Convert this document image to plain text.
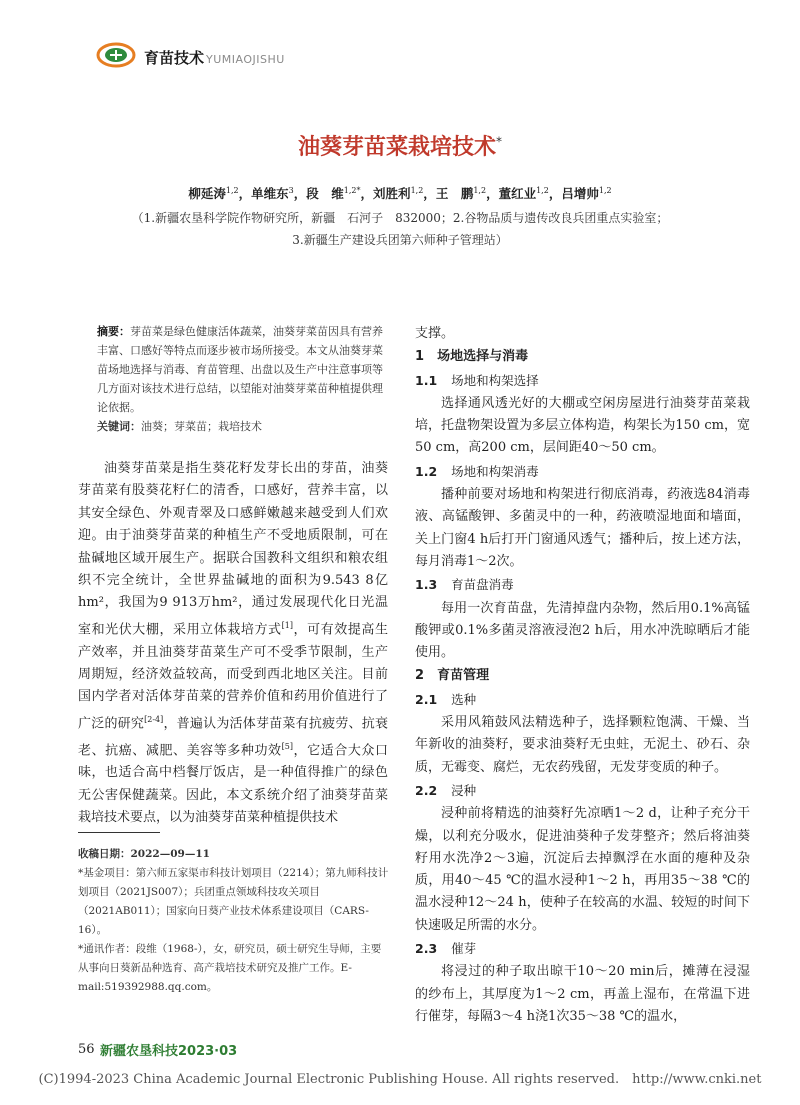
育苗技术 YUMIAOJISHU
油葵芽苗菜栽培技术*
柳延涛$^{1,2}$，单维东$^3$，段　维$^{1,2*}$，刘胜利$^{1,2}$，王　鹏$^{1,2}$，董红业$^{1,2}$，吕增帅$^{1,2}$
（1.新疆农垦科学院作物研究所，新疆　石河子　832000；2.谷物品质与遗传改良兵团重点实验室；
3.新疆生产建设兵团第六师种子管理站）
摘要：芽苗菜是绿色健康活体蔬菜，油葵芽菜苗因具有营养丰富、口感好等特点而逐步被市场所接受。本文从油葵芽菜苗场地选择与消毒、育苗管理、出盘以及生产中注意事项等几方面对该技术进行总结，以望能对油葵芽菜苗种植提供理论依据。
关键词：油葵；芽菜苗；栽培技术

油葵芽苗菜是指生葵花籽发芽长出的芽苗，油葵芽苗菜有股葵花籽仁的清香，口感好，营养丰富，以其安全绿色、外观青翠及口感鲜嫩越来越受到人们欢迎。由于油葵芽苗菜的种植生产不受地质限制，可在盐碱地区域开展生产。据联合国教科文组织和粮农组织不完全统计，全世界盐碱地的面积为9.543 8亿hm²，我国为9 913万hm²，通过发展现代化日光温室和光伏大棚，采用立体栽培方式[1]，可有效提高生产效率，并且油葵芽苗菜生产可不受季节限制，生产周期短，经济效益较高，而受到西北地区关注。目前国内学者对活体芽苗菜的营养价值和药用价值进行了广泛的研究[2-4]，普遍认为活体芽苗菜有抗疲劳、抗衰老、抗癌、减肥、美容等多种功效[5]，它适合大众口味，也适合高中档餐厅饭店，是一种值得推广的绿色无公害保健蔬菜。因此，本文系统介绍了油葵芽苗菜栽培技术要点，以为油葵芽苗菜种植提供技术

收稿日期：2022—09—11

*基金项目：第六师五家渠市科技计划项目（2214）；第九师科技计划项目（2021JS007）；兵团重点领域科技攻关项目（2021AB011）；国家向日葵产业技术体系建设项目（CARS-16）。

*通讯作者：段维（1968-），女，研究员，硕士研究生导师，主要从事向日葵新品种选育、高产栽培技术研究及推广工作。E-mail:519392988.qq.com。

支撑。

1　 场地选择与消毒
1.1 场地和构架选择

选择通风透光好的大棚或空闲房屋进行油葵芽苗菜栽培，托盘物架设置为多层立体构造，构架长为150 cm，宽50 cm，高200 cm，层间距40～50 cm。

1.2 场地和构架消毒

播种前要对场地和构架进行彻底消毒，药液选84消毒液、高锰酸钾、多菌灵中的一种，药液喷湿地面和墙面，关上门窗4 h后打开门窗通风透气；播种后，按上述方法，每月消毒1～2次。

1.3 育苗盘消毒

每用一次育苗盘，先清掉盘内杂物，然后用0.1%高锰酸钾或0.1%多菌灵溶液浸泡2 h后，用水冲洗晾晒后才能使用。

2　 育苗管理
2.1 选种

采用风箱鼓风法精选种子，选择颗粒饱满、干燥、当年新收的油葵籽，要求油葵籽无虫蛀，无泥土、砂石、杂质，无霉变、腐烂，无农药残留，无发芽变质的种子。

2.2 浸种

浸种前将精选的油葵籽先凉晒1～2 d，让种子充分干燥，以利充分吸水，促进油葵种子发芽整齐；然后将油葵籽用水洗净2～3遍，沉淀后去掉飘浮在水面的瘪种及杂质，用40～45 ℃的温水浸种1～2 h，再用35～38 ℃的温水浸种12～24 h，使种子在较高的水温、较短的时间下快速吸足所需的水分。

2.3 催芽

将浸过的种子取出晾干10～20 min后，摊薄在浸湿的纱布上，其厚度为1～2 cm，再盖上湿布，在常温下进行催芽，每隔3～4 h浇1次35～38 ℃的温水，

56 新疆农垦科技2023·03
(C)1994-2023 China Academic Journal Electronic Publishing House. All rights reserved.　http://www.cnki.net
